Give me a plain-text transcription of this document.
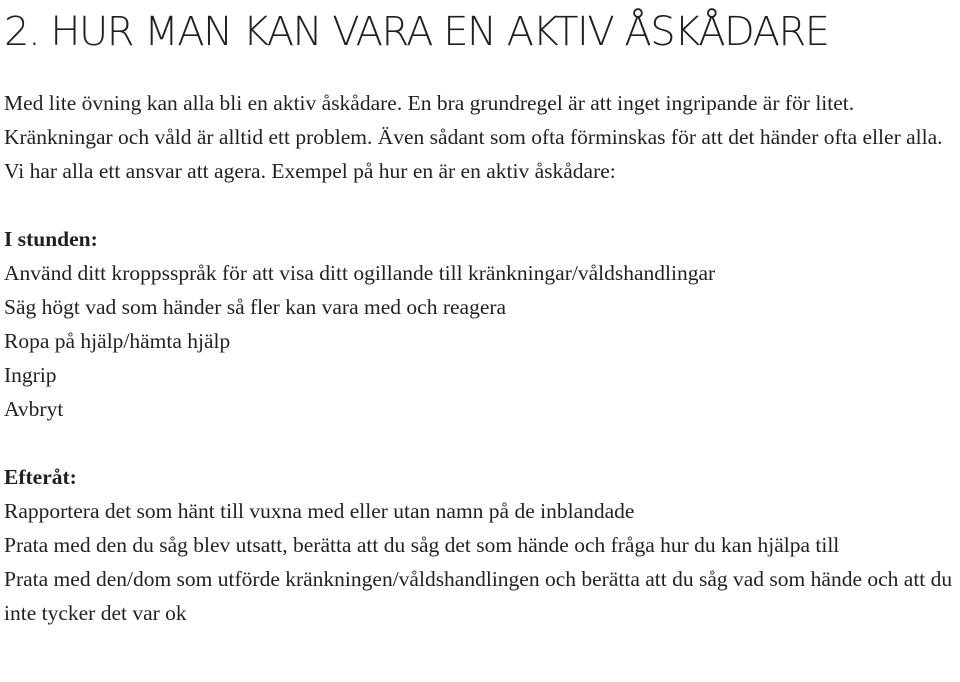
2. HUR MAN KAN VARA EN AKTIV ÅSKÅDARE

Med lite övning kan alla bli en aktiv åskådare. En bra grundregel är att inget ingripande är för litet. Kränkningar och våld är alltid ett problem. Även sådant som ofta förminskas för att det händer ofta eller alla. Vi har alla ett ansvar att agera. Exempel på hur en är en aktiv åskådare:

I stunden:

Använd ditt kroppsspråk för att visa ditt ogillande till kränkningar/våldshandlingar

Säg högt vad som händer så fler kan vara med och reagera

Ropa på hjälp/hämta hjälp

Ingrip

Avbryt

Efteråt:

Rapportera det som hänt till vuxna med eller utan namn på de inblandade

Prata med den du såg blev utsatt, berätta att du såg det som hände och fråga hur du kan hjälpa till

Prata med den/dom som utförde kränkningen/våldshandlingen och berätta att du såg vad som hände och att du inte tycker det var ok
